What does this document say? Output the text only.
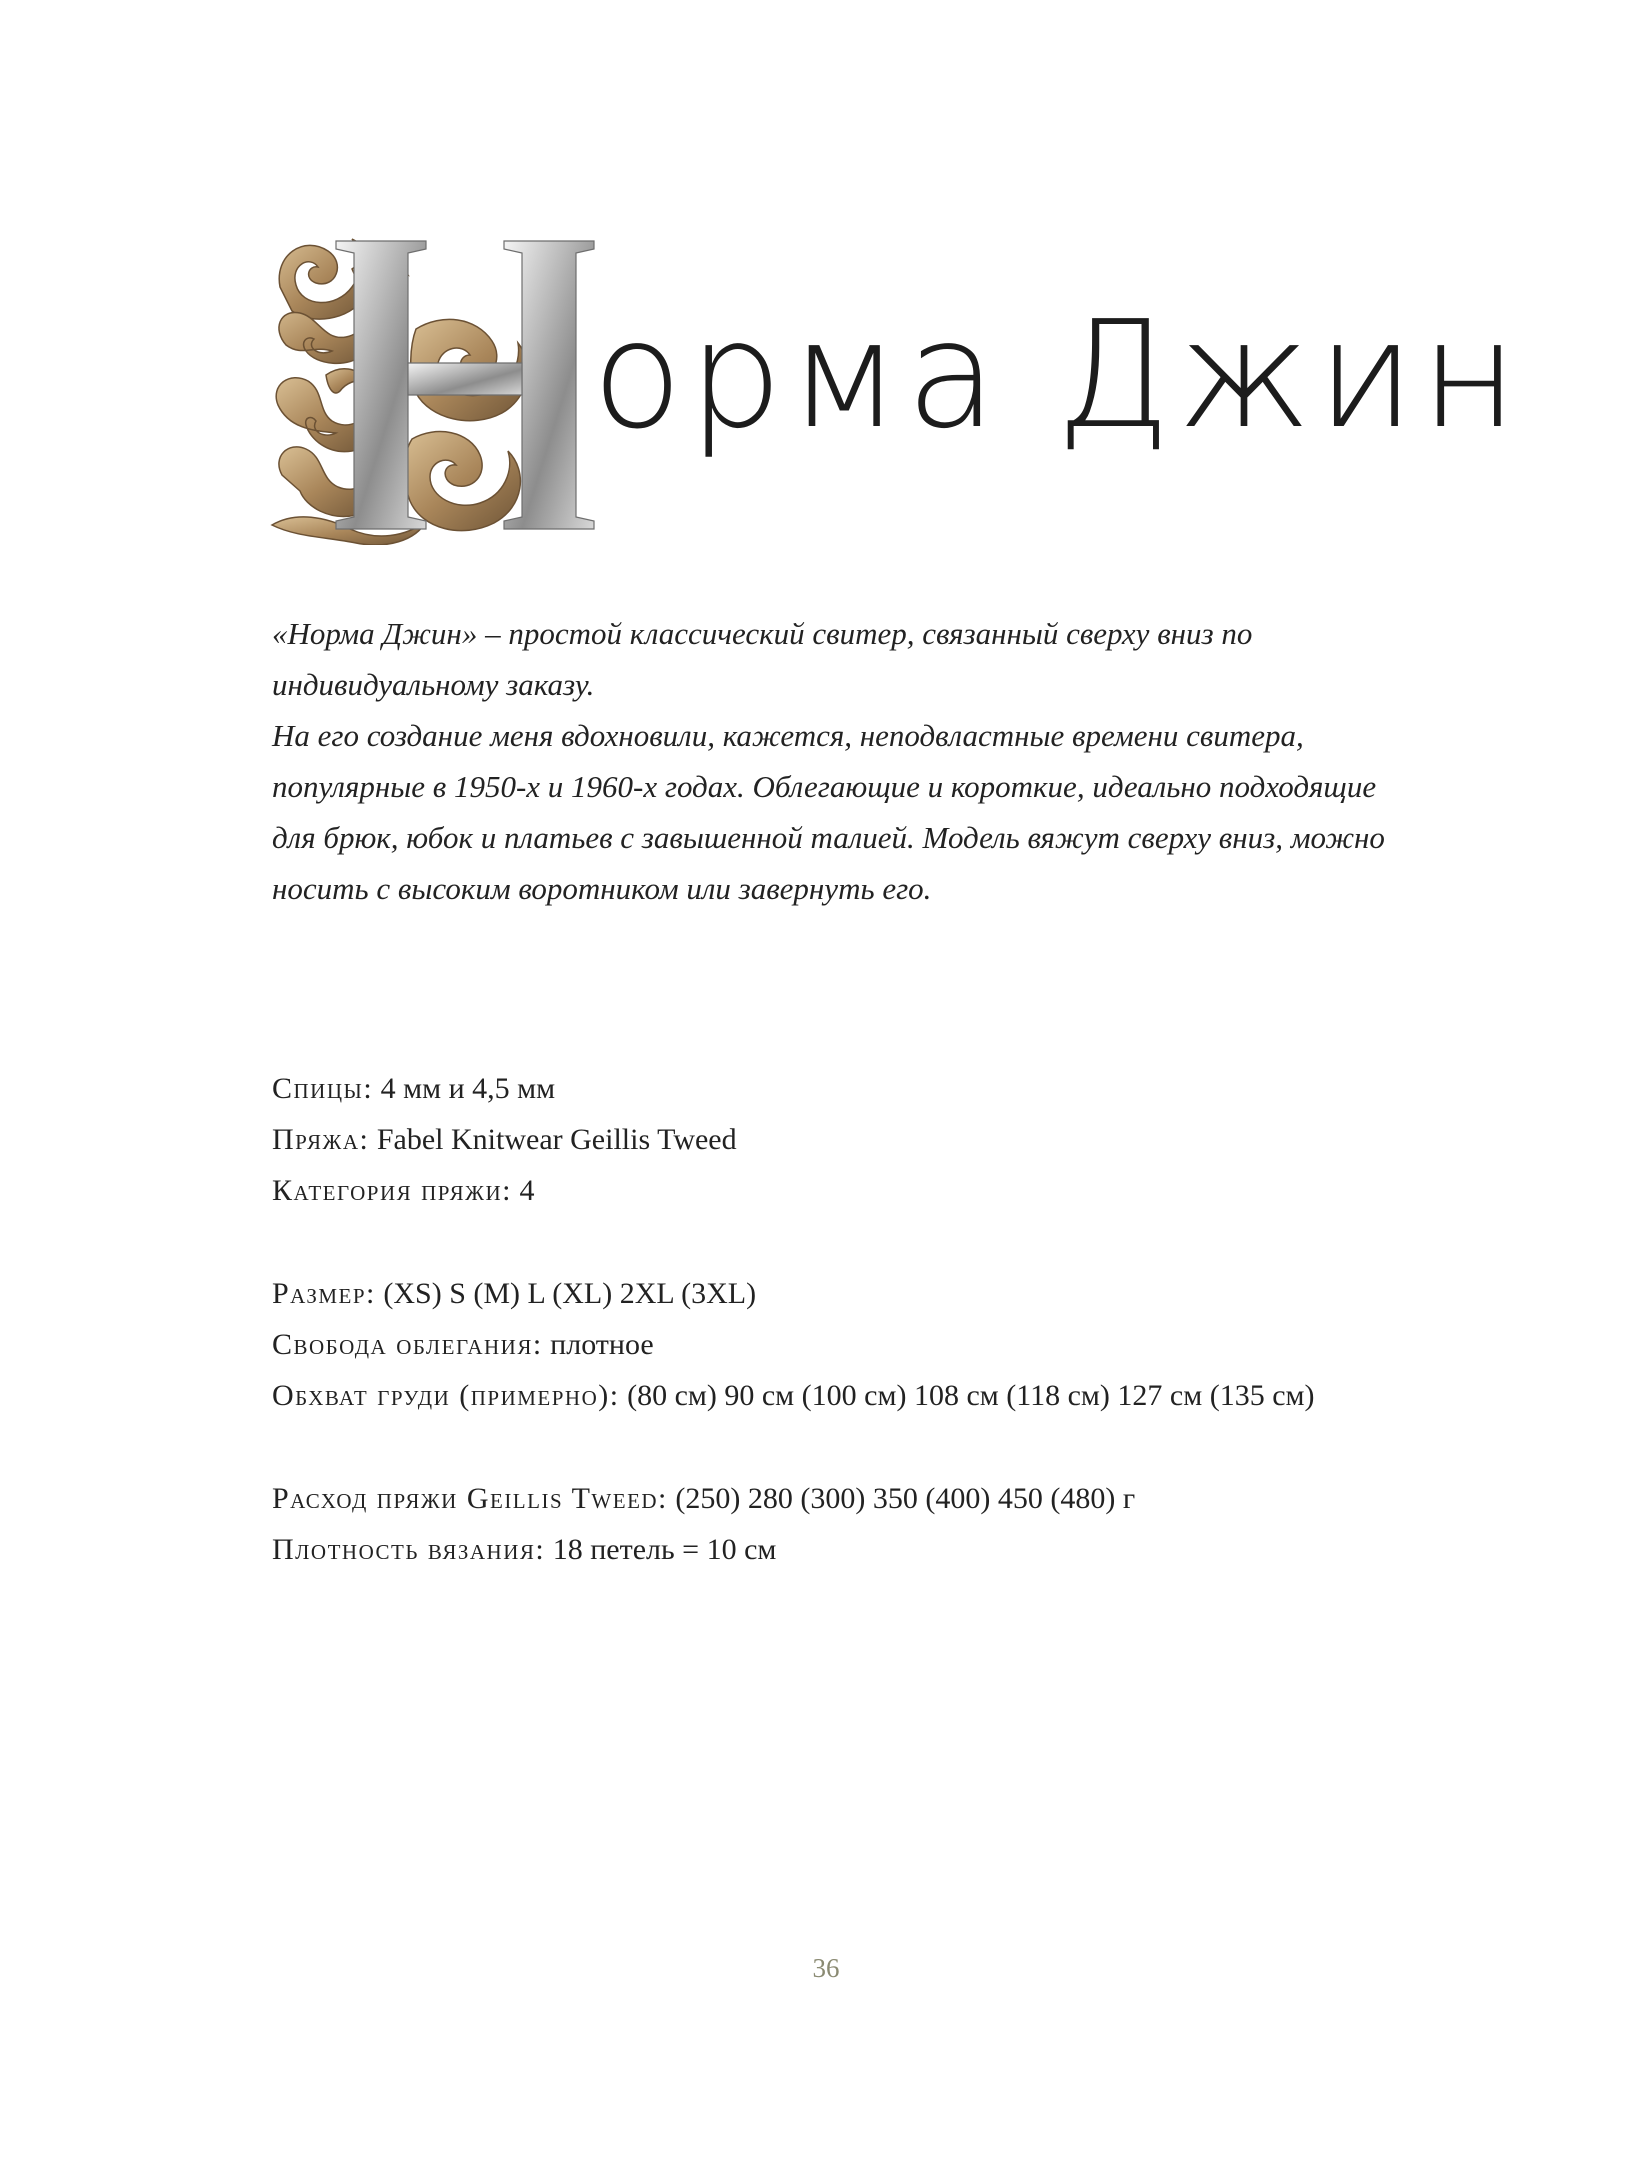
орма Джин

«Норма Джин» – простой классический свитер, связанный сверху вниз по индивидуальному заказу.

На его создание меня вдохновили, кажется, неподвластные времени свитера, популярные в 1950-х и 1960-х годах. Облегающие и короткие, идеально подходящие для брюк, юбок и платьев с завышенной талией. Модель вяжут сверху вниз, можно носить с высоким воротником или завернуть его.

Спицы: 4 мм и 4,5 мм

Пряжа: Fabel Knitwear Geillis Tweed

Категория пряжи: 4

Размер: (XS) S (M) L (XL) 2XL (3XL)

Свобода облегания: плотное

Обхват груди (примерно): (80 см) 90 см (100 см) 108 см (118 см) 127 см (135 см)

Расход пряжи Geillis Tweed: (250) 280 (300) 350 (400) 450 (480) г

Плотность вязания: 18 петель = 10 см

36
